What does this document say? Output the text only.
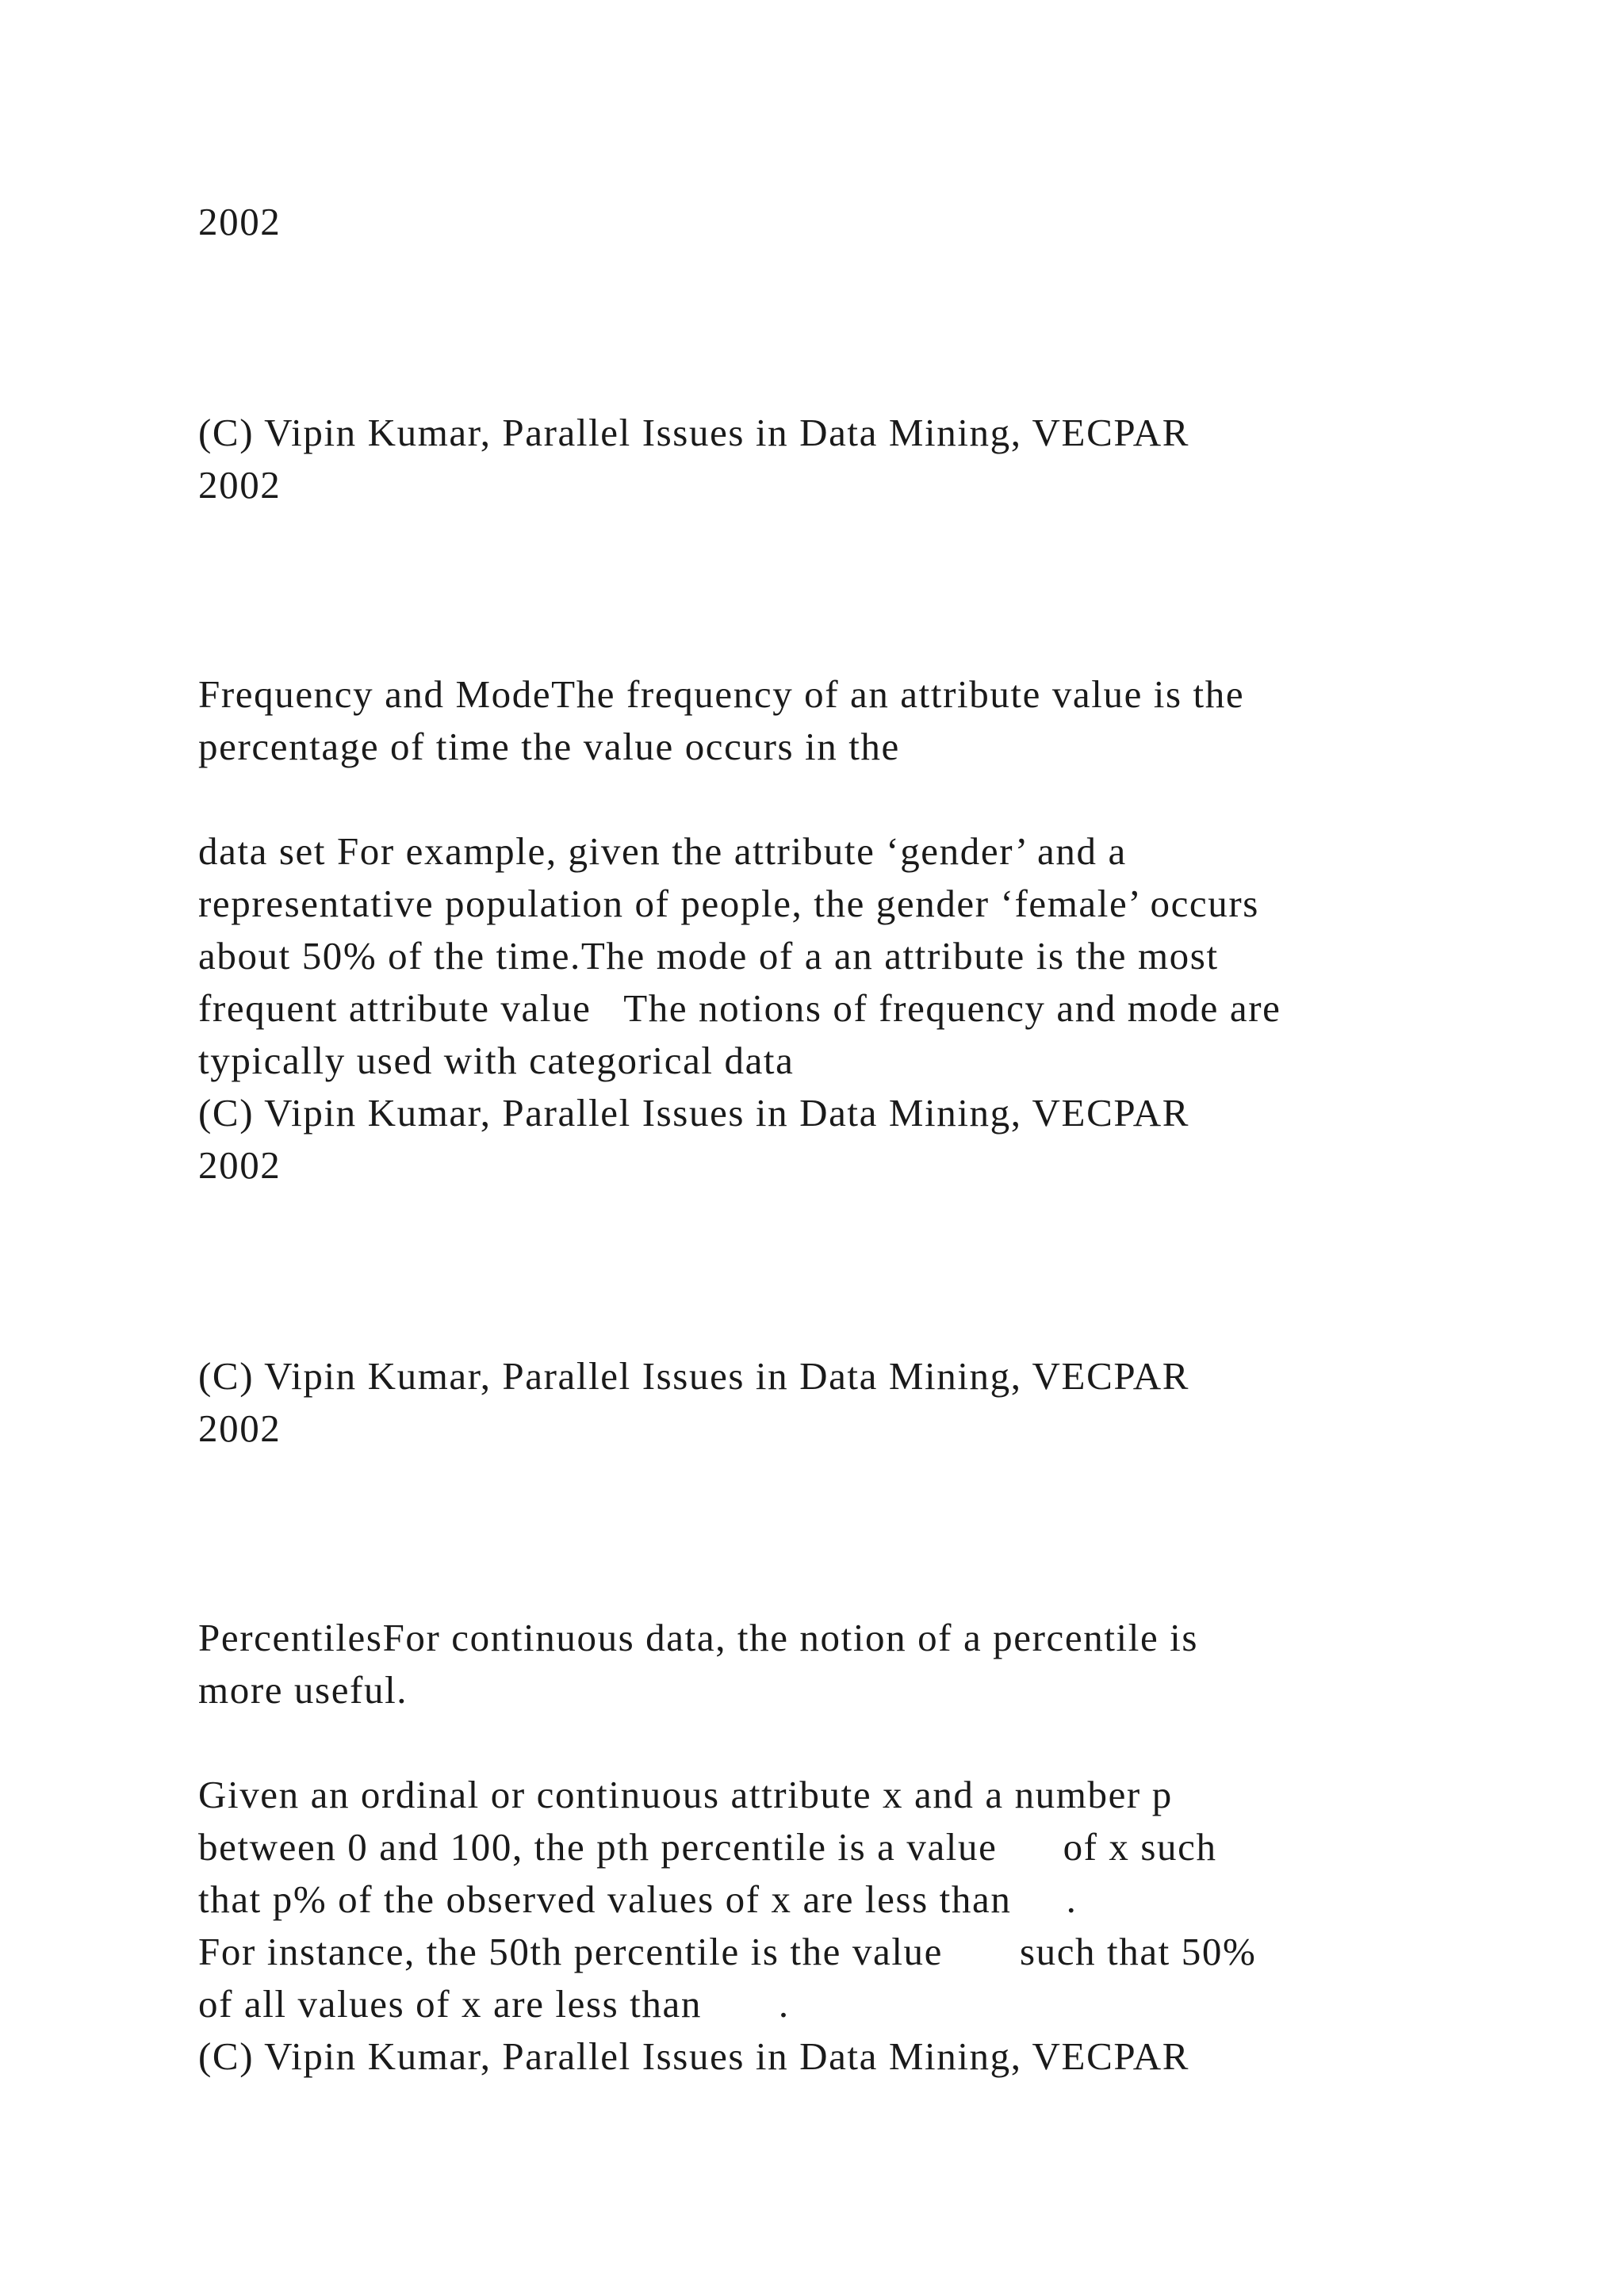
2002
(C) Vipin Kumar, Parallel Issues in Data Mining, VECPAR
2002
Frequency and ModeThe frequency of an attribute value is the
percentage of time the value occurs in the
data set For example, given the attribute ‘gender’ and a
representative population of people, the gender ‘female’ occurs
about 50% of the time.The mode of a an attribute is the most
frequent attribute value   The notions of frequency and mode are
typically used with categorical data
(C) Vipin Kumar, Parallel Issues in Data Mining, VECPAR
2002
(C) Vipin Kumar, Parallel Issues in Data Mining, VECPAR
2002
PercentilesFor continuous data, the notion of a percentile is
more useful.
Given an ordinal or continuous attribute x and a number p
between 0 and 100, the pth percentile is a value      of x such
that p% of the observed values of x are less than     .
For instance, the 50th percentile is the value       such that 50%
of all values of x are less than       .
(C) Vipin Kumar, Parallel Issues in Data Mining, VECPAR
